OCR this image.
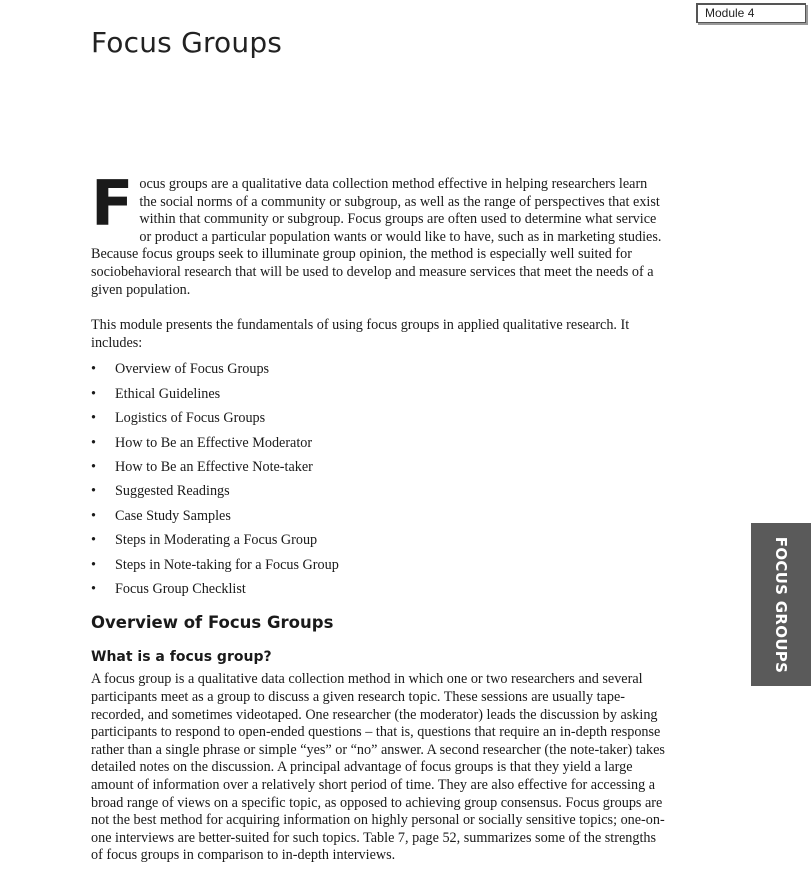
Module 4
Focus Groups
FOCUS GROUPS

F ocus groups are a qualitative data collection method effective in helping researchers learn the social norms of a community or subgroup, as well as the range of perspectives that exist within that community or subgroup. Focus groups are often used to determine what service or product a particular population wants or would like to have, such as in marketing studies. Because focus groups seek to illuminate group opinion, the method is especially well suited for sociobehavioral research that will be used to develop and measure services that meet the needs of a given population.

This module presents the fundamentals of using focus groups in applied qualitative research. It includes:

• Overview of Focus Groups
• Ethical Guidelines
• Logistics of Focus Groups
• How to Be an Effective Moderator
• How to Be an Effective Note-taker
• Suggested Readings
• Case Study Samples
• Steps in Moderating a Focus Group
• Steps in Note-taking for a Focus Group
• Focus Group Checklist
Overview of Focus Groups
What is a focus group?

A focus group is a qualitative data collection method in which one or two researchers and several participants meet as a group to discuss a given research topic. These sessions are usually tape-recorded, and sometimes videotaped. One researcher (the moderator) leads the discussion by asking participants to respond to open-ended questions – that is, questions that require an in-depth response rather than a single phrase or simple “yes” or “no” answer. A second researcher (the note-taker) takes detailed notes on the discussion. A principal advantage of focus groups is that they yield a large amount of information over a relatively short period of time. They are also effective for accessing a broad range of views on a specific topic, as opposed to achieving group consensus. Focus groups are not the best method for acquiring information on highly personal or socially sensitive topics; one-on-one interviews are better-suited for such topics. Table 7, page 52, summarizes some of the strengths of focus groups in comparison to in-depth interviews.
